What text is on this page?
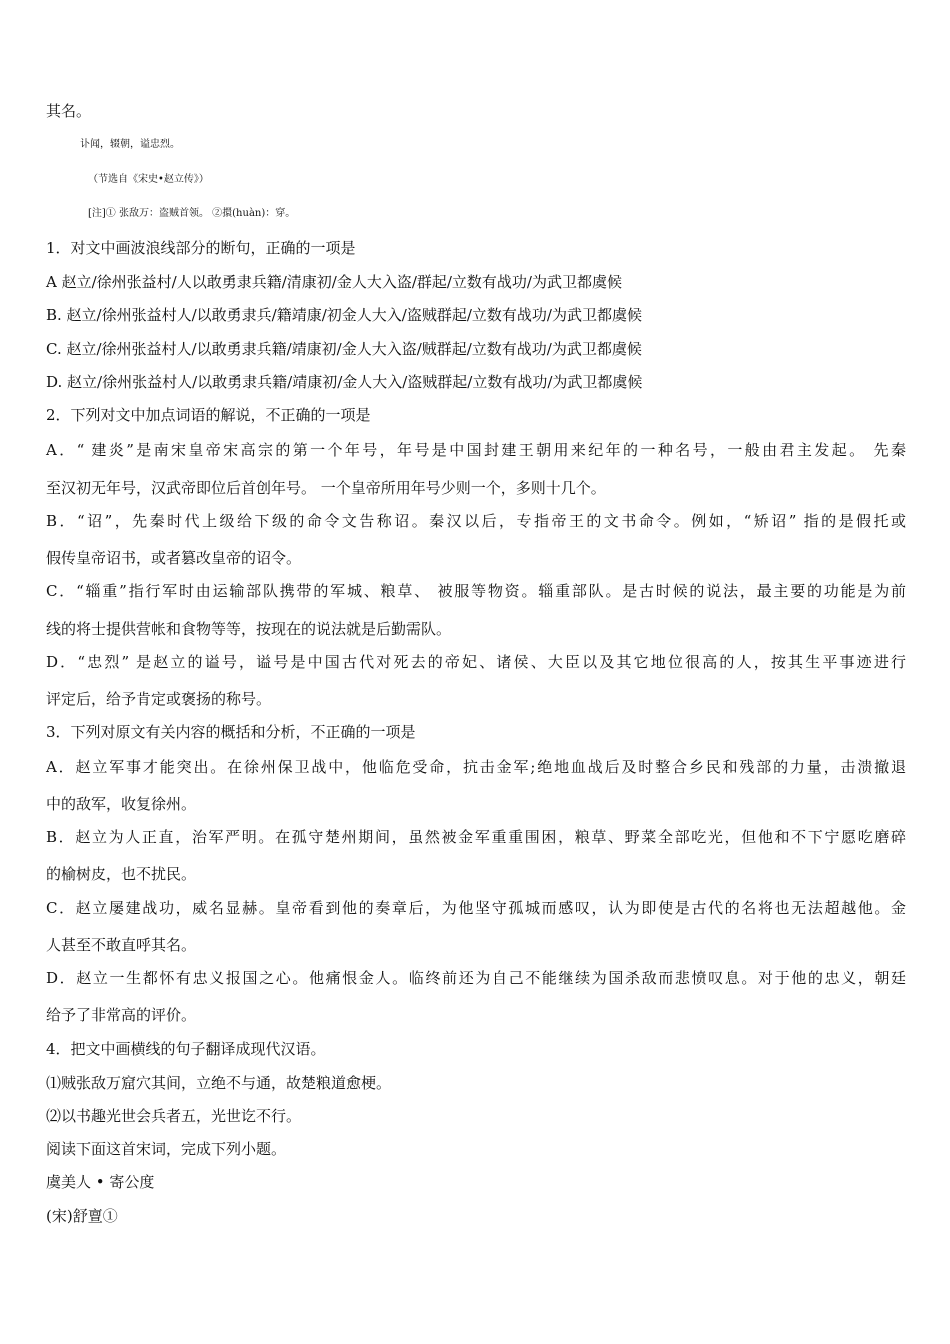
其名。
讣闻，辍朝，谥忠烈。
（节选自《宋史•赵立传》）
[注]① 张敌万：盗贼首领。 ②擐(huàn)：穿。
1．对文中画波浪线部分的断句，正确的一项是
A 赵立/徐州张益村/人以敢勇隶兵籍/清康初/金人大入盗/群起/立数有战功/为武卫都虞候
B. 赵立/徐州张益村人/以敢勇隶兵/籍靖康/初金人大入/盗贼群起/立数有战功/为武卫都虞候
C. 赵立/徐州张益村人/以敢勇隶兵籍/靖康初/金人大入盗/贼群起/立数有战功/为武卫都虞候
D. 赵立/徐州张益村人/以敢勇隶兵籍/靖康初/金人大入/盗贼群起/立数有战功/为武卫都虞候
2．下列对文中加点词语的解说，不正确的一项是
A．“ 建炎”是南宋皇帝宋高宗的第一个年号，年号是中国封建王朝用来纪年的一种名号，一般由君主发起。 先秦
至汉初无年号，汉武帝即位后首创年号。 一个皇帝所用年号少则一个，多则十几个。
B．“诏”，先秦时代上级给下级的命令文告称诏。秦汉以后，专指帝王的文书命令。例如，“矫诏” 指的是假托或
假传皇帝诏书，或者篡改皇帝的诏令。
C．“辎重”指行军时由运输部队携带的军城、粮草、 被服等物资。辎重部队。是古时候的说法，最主要的功能是为前
线的将士提供营帐和食物等等，按现在的说法就是后勤需队。
D．“忠烈” 是赵立的谥号，谥号是中国古代对死去的帝妃、诸侯、大臣以及其它地位很高的人，按其生平事迹进行
评定后，给予肯定或褒扬的称号。
3．下列对原文有关内容的概括和分析，不正确的一项是
A．赵立军事才能突出。在徐州保卫战中，他临危受命，抗击金军;绝地血战后及时整合乡民和残部的力量，击溃撤退
中的敌军，收复徐州。
B．赵立为人正直，治军严明。在孤守楚州期间，虽然被金军重重围困，粮草、野菜全部吃光，但他和不下宁愿吃磨碎
的榆树皮，也不扰民。
C．赵立屡建战功，威名显赫。皇帝看到他的奏章后，为他坚守孤城而感叹，认为即使是古代的名将也无法超越他。金
人甚至不敢直呼其名。
D．赵立一生都怀有忠义报国之心。他痛恨金人。临终前还为自己不能继续为国杀敌而悲愤叹息。对于他的忠义，朝廷
给予了非常高的评价。
4．把文中画横线的句子翻译成现代汉语。
⑴贼张敌万窟穴其间，立绝不与通，故楚粮道愈梗。
⑵以书趣光世会兵者五，光世讫不行。
阅读下面这首宋词，完成下列小题。
虞美人 • 寄公度
(宋)舒亶①
